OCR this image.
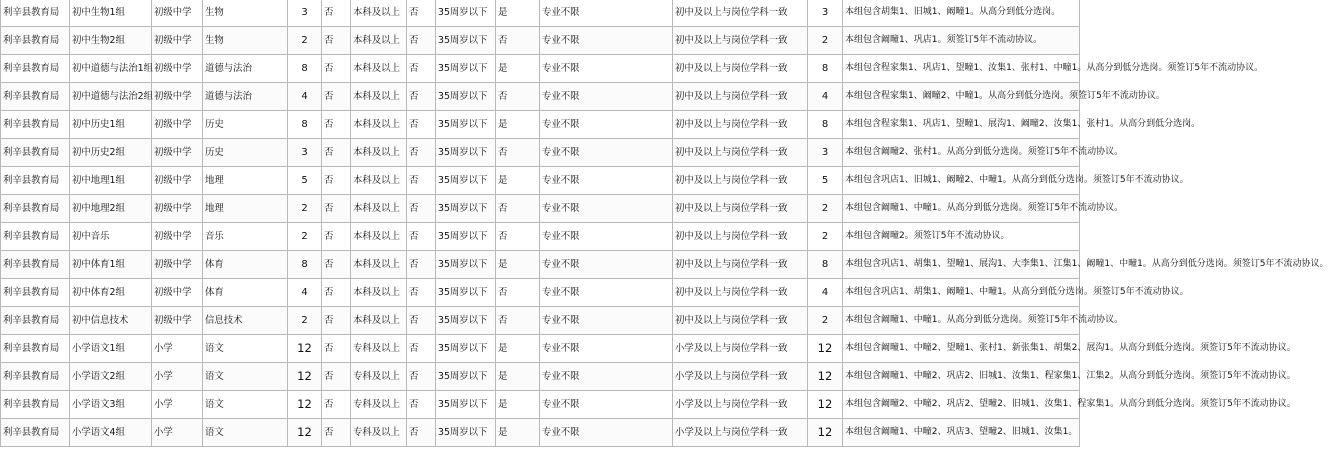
利辛县教育局	初中生物1组	初级中学	生物	3	否	本科及以上	否	35周岁以下	是	专业不限	初中及以上与岗位学科一致	3	本组包含胡集1、旧城1、阚疃1。从高分到低分选岗。
利辛县教育局	初中生物2组	初级中学	生物	2	否	本科及以上	否	35周岁以下	否	专业不限	初中及以上与岗位学科一致	2	本组包含阚疃1、巩店1。须签订5年不流动协议。
利辛县教育局	初中道德与法治1组	初级中学	道德与法治	8	否	本科及以上	否	35周岁以下	是	专业不限	初中及以上与岗位学科一致	8	本组包含程家集1、巩店1、望疃1、汝集1、张村1、中疃1。从高分到低分选岗。须签订5年不流动协议。
利辛县教育局	初中道德与法治2组	初级中学	道德与法治	4	否	本科及以上	否	35周岁以下	否	专业不限	初中及以上与岗位学科一致	4	本组包含程家集1、阚疃2、中疃1。从高分到低分选岗。须签订5年不流动协议。
利辛县教育局	初中历史1组	初级中学	历史	8	否	本科及以上	否	35周岁以下	是	专业不限	初中及以上与岗位学科一致	8	本组包含程家集1、巩店1、望疃1、展沟1、阚疃2、汝集1、张村1。从高分到低分选岗。
利辛县教育局	初中历史2组	初级中学	历史	3	否	本科及以上	否	35周岁以下	否	专业不限	初中及以上与岗位学科一致	3	本组包含阚疃2、张村1。从高分到低分选岗。须签订5年不流动协议。
利辛县教育局	初中地理1组	初级中学	地理	5	否	本科及以上	否	35周岁以下	是	专业不限	初中及以上与岗位学科一致	5	本组包含巩店1、旧城1、阚疃2、中疃1。从高分到低分选岗。须签订5年不流动协议。
利辛县教育局	初中地理2组	初级中学	地理	2	否	本科及以上	否	35周岁以下	否	专业不限	初中及以上与岗位学科一致	2	本组包含阚疃1、中疃1。从高分到低分选岗。须签订5年不流动协议。
利辛县教育局	初中音乐	初级中学	音乐	2	否	本科及以上	否	35周岁以下	否	专业不限	初中及以上与岗位学科一致	2	本组包含阚疃2。须签订5年不流动协议。
利辛县教育局	初中体育1组	初级中学	体育	8	否	本科及以上	否	35周岁以下	是	专业不限	初中及以上与岗位学科一致	8	本组包含巩店1、胡集1、望疃1、展沟1、大李集1、江集1、阚疃1、中疃1。从高分到低分选岗。须签订5年不流动协议。
利辛县教育局	初中体育2组	初级中学	体育	4	否	本科及以上	否	35周岁以下	否	专业不限	初中及以上与岗位学科一致	4	本组包含巩店1、胡集1、阚疃1、中疃1。从高分到低分选岗。须签订5年不流动协议。
利辛县教育局	初中信息技术	初级中学	信息技术	2	否	本科及以上	否	35周岁以下	否	专业不限	初中及以上与岗位学科一致	2	本组包含阚疃1、中疃1。从高分到低分选岗。须签订5年不流动协议。
利辛县教育局	小学语文1组	小学	语文	12	否	专科及以上	否	35周岁以下	是	专业不限	小学及以上与岗位学科一致	12	本组包含阚疃1、中疃2、望疃1、张村1、新张集1、胡集2、展沟1。从高分到低分选岗。须签订5年不流动协议。
利辛县教育局	小学语文2组	小学	语文	12	否	专科及以上	否	35周岁以下	是	专业不限	小学及以上与岗位学科一致	12	本组包含阚疃1、中疃2、巩店2、旧城1、汝集1、程家集1、江集2。从高分到低分选岗。须签订5年不流动协议。
利辛县教育局	小学语文3组	小学	语文	12	否	专科及以上	否	35周岁以下	是	专业不限	小学及以上与岗位学科一致	12	本组包含阚疃2、中疃2、巩店2、望疃2、旧城1、汝集1、程家集1。从高分到低分选岗。须签订5年不流动协议。
利辛县教育局	小学语文4组	小学	语文	12	否	专科及以上	否	35周岁以下	是	专业不限	小学及以上与岗位学科一致	12	本组包含阚疃1、中疃2、巩店3、望疃2、旧城1、汝集1。
